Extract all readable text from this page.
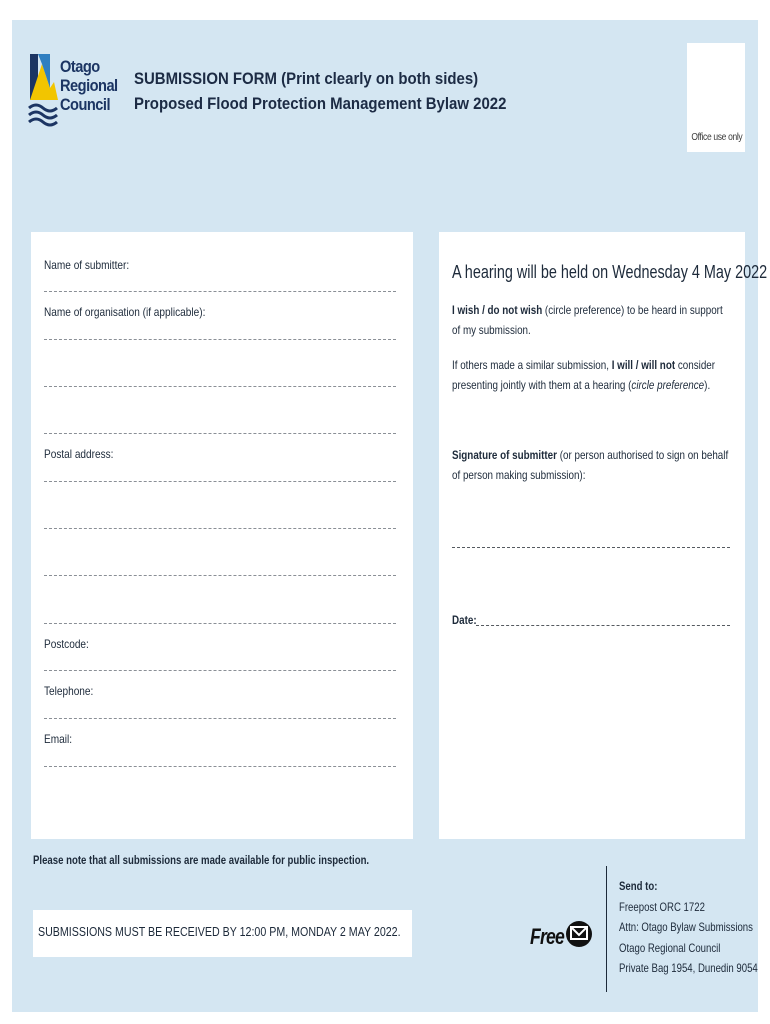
Otago
Regional
Council
SUBMISSION FORM (Print clearly on both sides)
Proposed Flood Protection Management Bylaw 2022
Office use only
Name of submitter:
Name of organisation (if applicable):
Postal address:
Postcode:
Telephone:
Email:
A hearing will be held on Wednesday 4 May 2022
I wish / do not wish (circle preference) to be heard in support of my submission.
If others made a similar submission, I will / will not consider presenting jointly with them at a hearing (circle preference).
Signature of submitter (or person authorised to sign on behalf of person making submission):
Date:
Please note that all submissions are made available for public inspection.
SUBMISSIONS MUST BE RECEIVED BY 12:00 PM, MONDAY 2 MAY 2022.	Free
Send to:
Freepost ORC 1722
Attn: Otago Bylaw Submissions
Otago Regional Council
Private Bag 1954, Dunedin 9054
